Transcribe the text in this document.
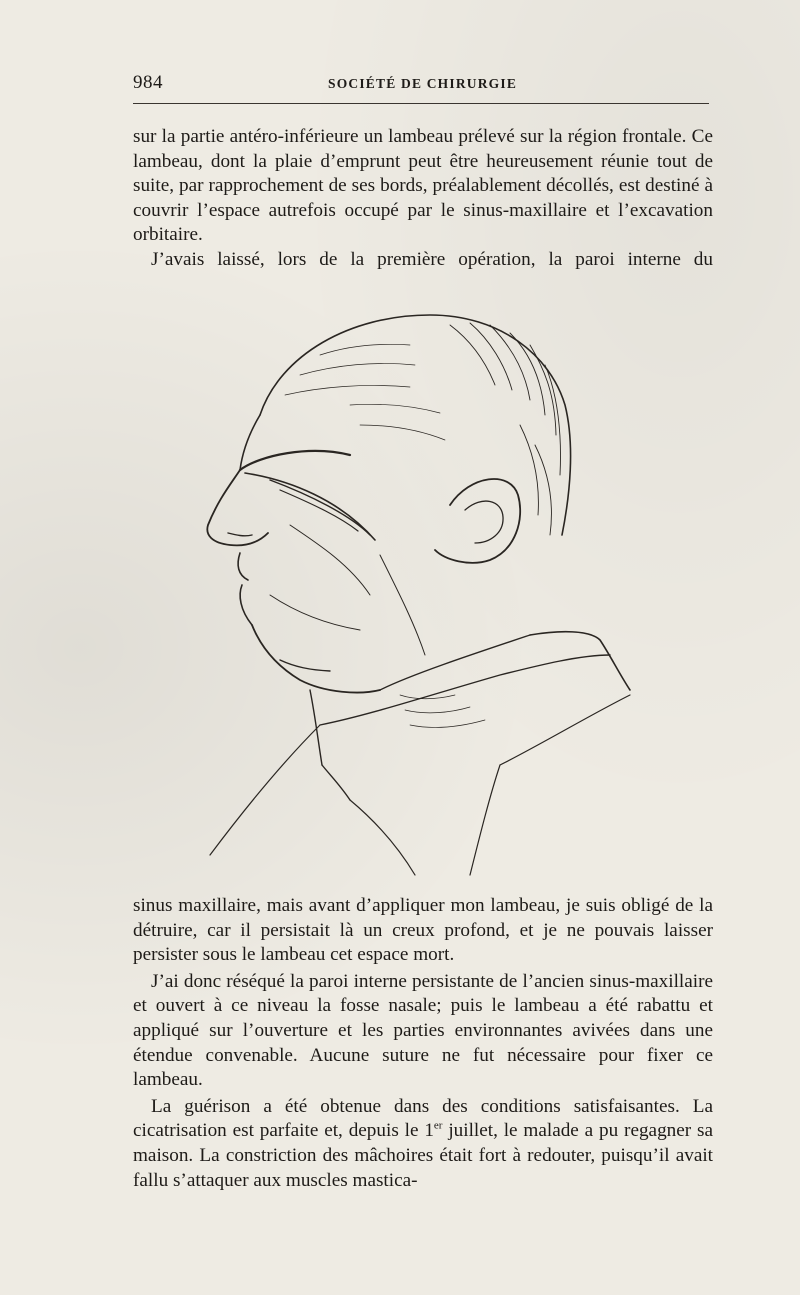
984	SOCIÉTÉ DE CHIRURGIE

sur la partie antéro-inférieure un lambeau prélevé sur la région frontale. Ce lambeau, dont la plaie d’emprunt peut être heureusement réunie tout de suite, par rapprochement de ses bords, préalablement décollés, est destiné à couvrir l’espace autrefois occupé par le sinus-maxillaire et l’excavation orbitaire.

J’avais laissé, lors de la première opération, la paroi interne du

sinus maxillaire, mais avant d’appliquer mon lambeau, je suis obligé de la détruire, car il persistait là un creux profond, et je ne pouvais laisser persister sous le lambeau cet espace mort.

J’ai donc réséqué la paroi interne persistante de l’ancien sinus-maxillaire et ouvert à ce niveau la fosse nasale; puis le lambeau a été rabattu et appliqué sur l’ouverture et les parties environnantes avivées dans une étendue convenable. Aucune suture ne fut nécessaire pour fixer ce lambeau.

La guérison a été obtenue dans des conditions satisfaisantes. La cicatrisation est parfaite et, depuis le 1er juillet, le malade a pu regagner sa maison. La constriction des mâchoires était fort à redouter, puisqu’il avait fallu s’attaquer aux muscles mastica-
